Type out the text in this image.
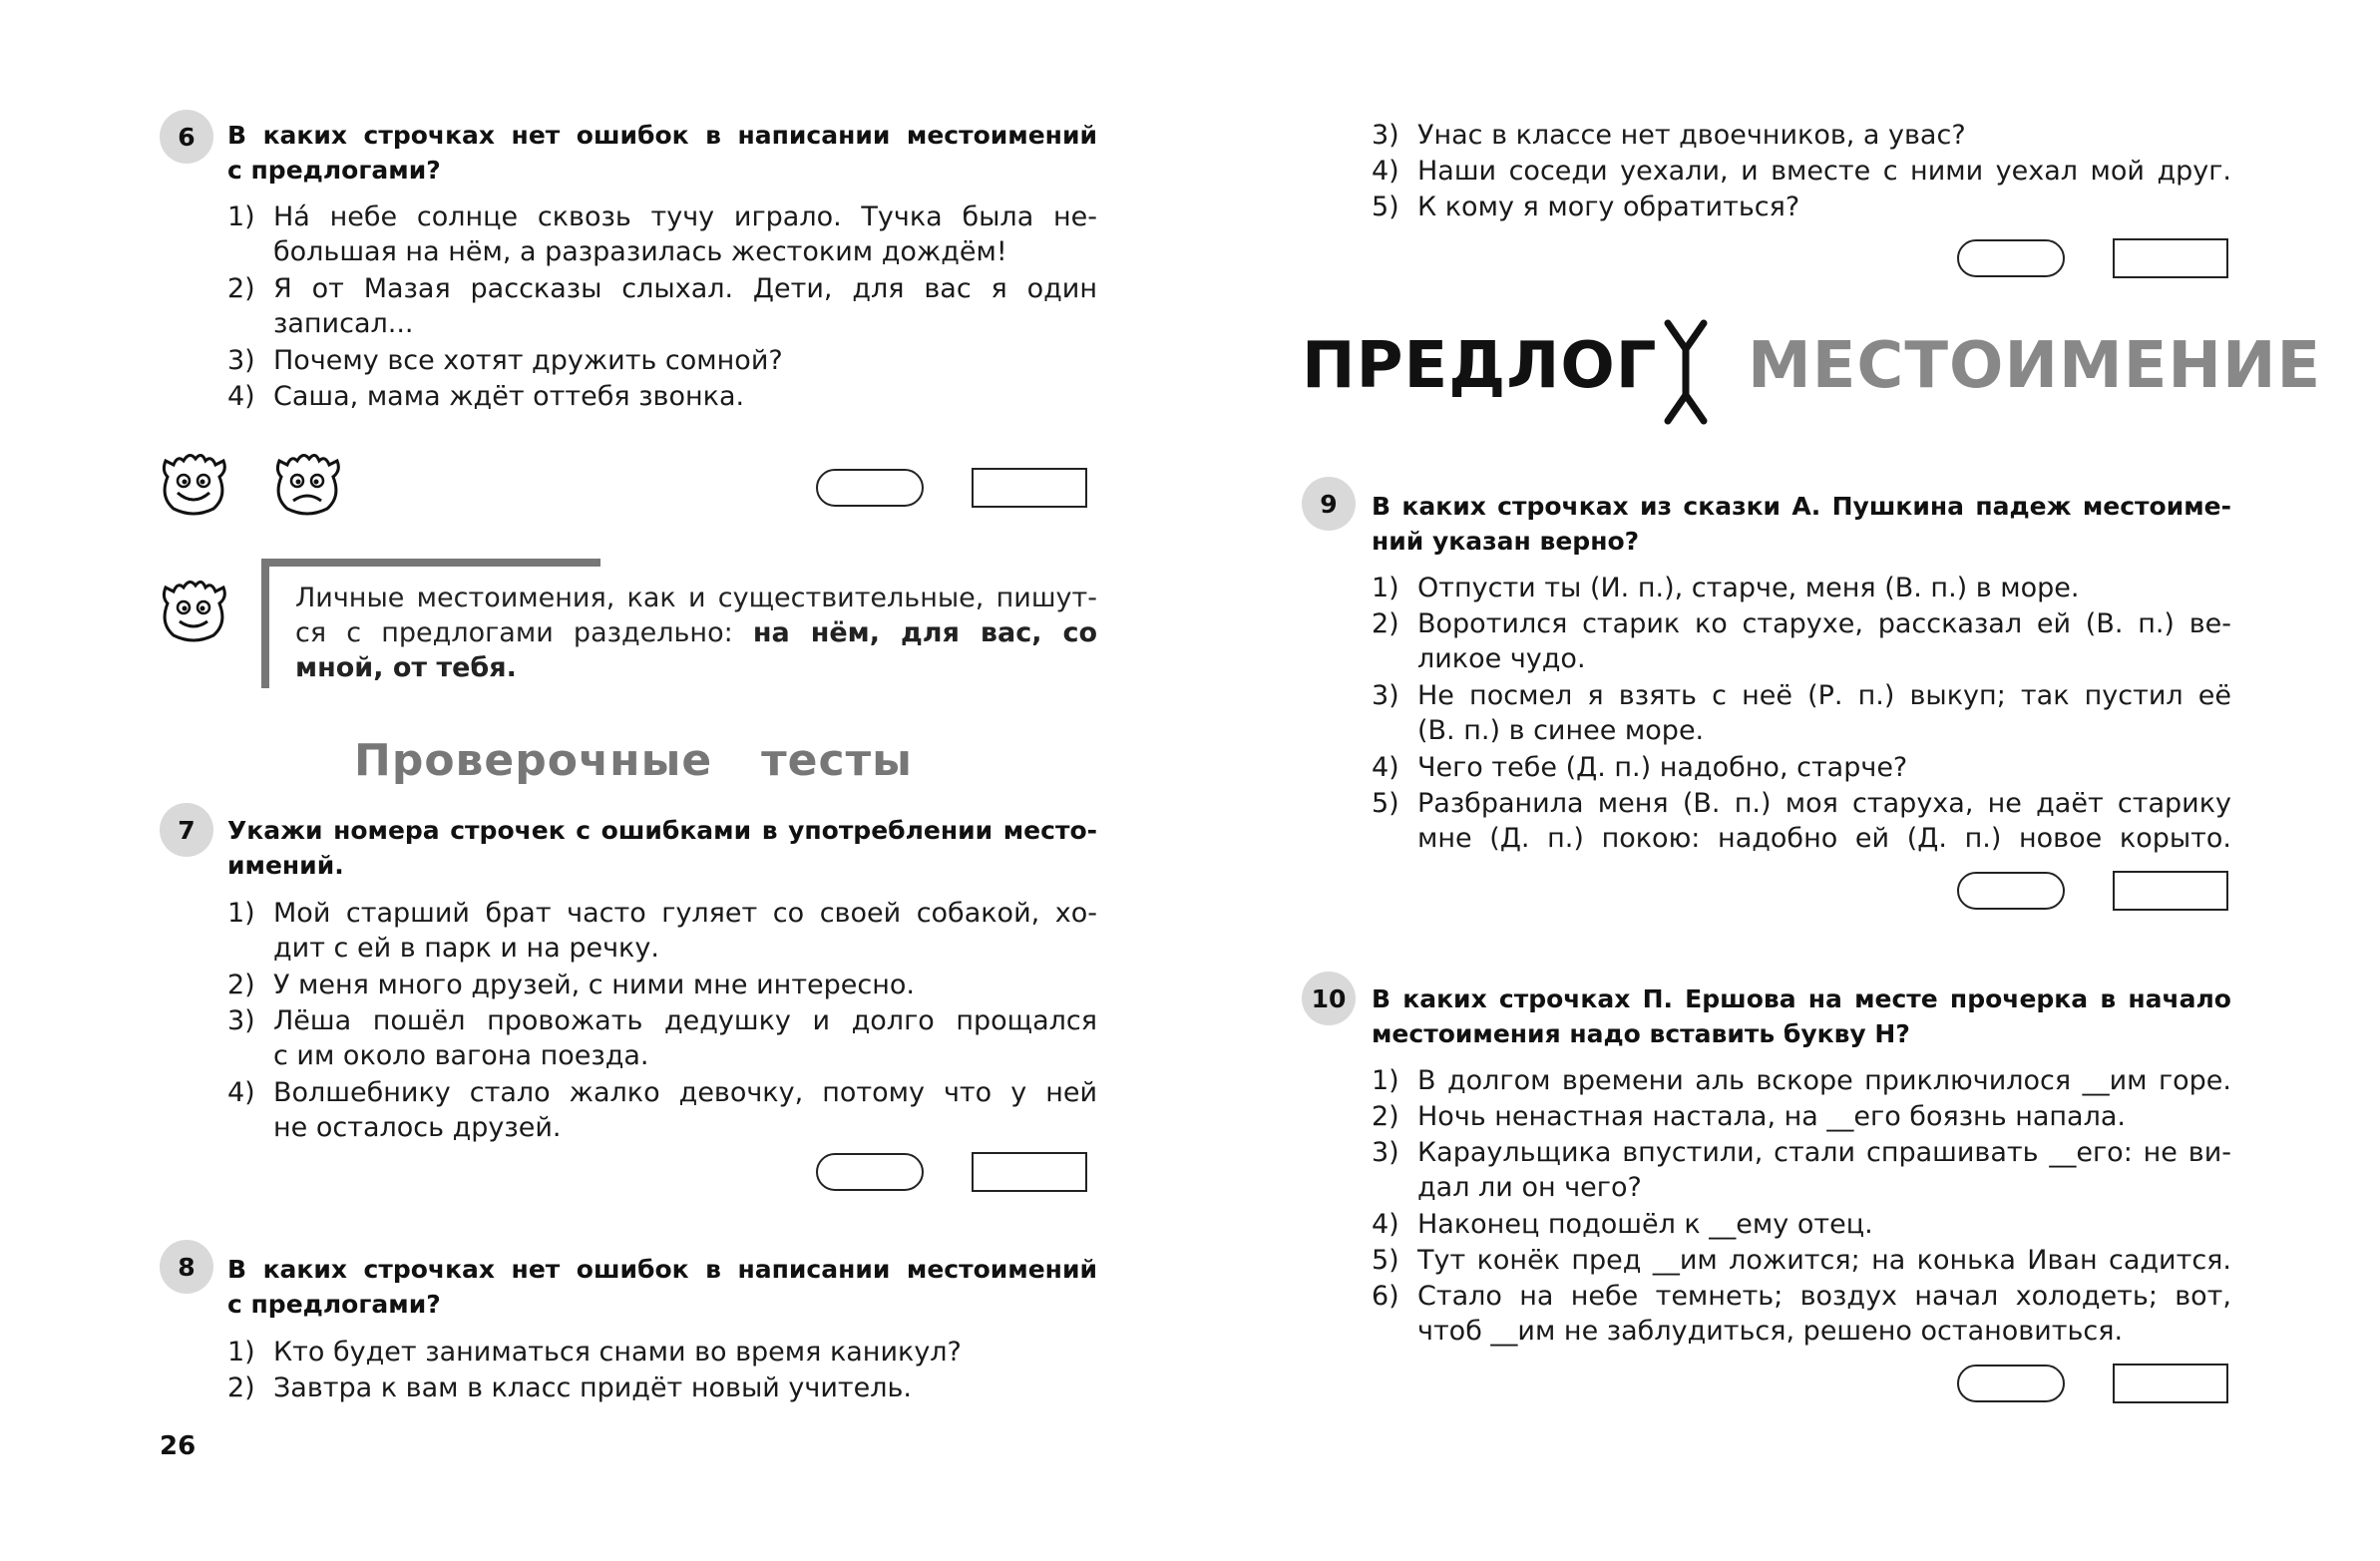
6 В каких строчках нет ошибок в написании местоимений
с предлогами?
1) Нá небе солнце сквозь тучу играло. Тучка была не-
большая на нём, а разразилась жестоким дождём!
2) Я от Мазая рассказы слыхал. Дети, для вас я один
записал...
3) Почему все хотят дружить сомной?
4) Саша, мама ждёт оттебя звонка.
Личные местоимения, как и существительные, пишут-
ся с предлогами раздельно: на нём, для вас, со
мной, от тебя.
Проверочные   тесты
7 Укажи номера строчек с ошибками в употреблении место-
имений.
1) Мой старший брат часто гуляет со своей собакой, хо-
дит с ей в парк и на речку.
2) У меня много друзей, с ними мне интересно.
3) Лёша пошёл провожать дедушку и долго прощался
с им около вагона поезда.
4) Волшебнику стало жалко девочку, потому что у ней
не осталось друзей.
8 В каких строчках нет ошибок в написании местоимений
с предлогами?
1) Кто будет заниматься снами во время каникул?
2) Завтра к вам в класс придёт новый учитель.
26
3) Унас в классе нет двоечников, а увас?
4) Наши соседи уехали, и вместе с ними уехал мой друг.
5) К кому я могу обратиться?
ПРЕДЛОГ МЕСТОИМЕНИЕ
9 В каких строчках из сказки А. Пушкина падеж местоиме-
ний указан верно?
1) Отпусти ты (И. п.), старче, меня (В. п.) в море.
2) Воротился старик ко старухе, рассказал ей (В. п.) ве-
ликое чудо.
3) Не посмел я взять с неё (Р. п.) выкуп; так пустил её
(В. п.) в синее море.
4) Чего тебе (Д. п.) надобно, старче?
5) Разбранила меня (В. п.) моя старуха, не даёт старику
мне (Д. п.) покою: надобно ей (Д. п.) новое корыто.
10 В каких строчках П. Ершова на месте прочерка в начало
местоимения надо вставить букву Н?
1) В долгом времени аль вскоре приключилося __им горе.
2) Ночь ненастная настала, на __его боязнь напала.
3) Караульщика впустили, стали спрашивать __его: не ви-
дал ли он чего?
4) Наконец подошёл к __ему отец.
5) Тут конёк пред __им ложится; на конька Иван садится.
6) Стало на небе темнеть; воздух начал холодеть; вот,
чтоб __им не заблудиться, решено остановиться.
